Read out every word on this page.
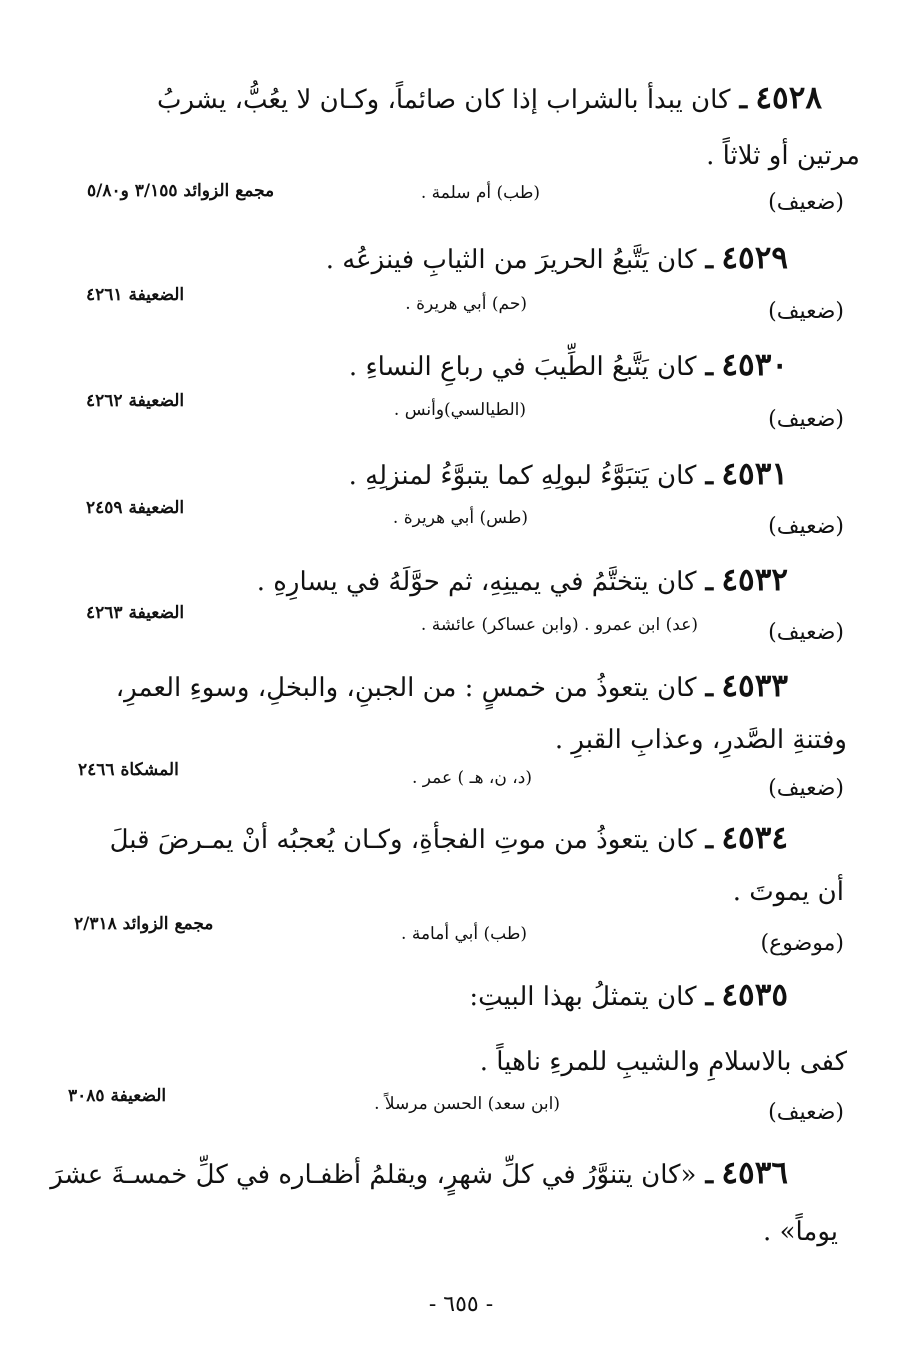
٤٥٢٨ ـ كان يبدأ بالشراب إذا كان صائماً، وكـان لا يعُبُّ، يشربُ
مرتين أو ثلاثاً .
(ضعيف)
(طب) أم سلمة .
مجمع الزوائد ٣/١٥٥ و٥/٨٠
٤٥٢٩ ـ كان يَتَّبعُ الحريرَ من الثيابِ فينزعُه .
(ضعيف)
(حم) أبي هريرة .
الضعيفة ٤٢٦١
٤٥٣٠ ـ كان يَتَّبعُ الطِّيبَ في رباعِ النساءِ .
(ضعيف)
(الطيالسي)وأنس .
الضعيفة ٤٢٦٢
٤٥٣١ ـ كان يَتبَوَّءُ لبولِهِ كما يتبوَّءُ لمنزلِهِ .
(ضعيف)
(طس) أبي هريرة .
الضعيفة ٢٤٥٩
٤٥٣٢ ـ كان يتختَّمُ في يمينِهِ، ثم حوَّلَهُ في يسارِهِ .
(ضعيف)
(عد) ابن عمرو . (وابن عساكر) عائشة .
الضعيفة ٤٢٦٣
٤٥٣٣ ـ كان يتعوذُ من خمسٍ : من الجبنِ، والبخلِ، وسوءِ العمرِ،
وفتنةِ الصَّدرِ، وعذابِ القبرِ .
(ضعيف)
(د، ن، هـ ) عمر .
المشكاة ٢٤٦٦
٤٥٣٤ ـ كان يتعوذُ من موتِ الفجأةِ، وكـان يُعجبُه أنْ يمـرضَ قبلَ
أن يموتَ .
(موضوع)
(طب) أبي أمامة .
مجمع الزوائد ٢/٣١٨
٤٥٣٥ ـ كان يتمثلُ بهذا البيتِ:
كفى بالاسلامِ والشيبِ للمرءِ ناهياً .
(ضعيف)
(ابن سعد) الحسن مرسلاً .
الضعيفة ٣٠٨٥
٤٥٣٦ ـ «كان يتنوَّرُ في كلِّ شهرٍ، ويقلمُ أظفـاره في كلِّ خمسـةَ عشرَ
يوماً» .
- ٦٥٥ -
